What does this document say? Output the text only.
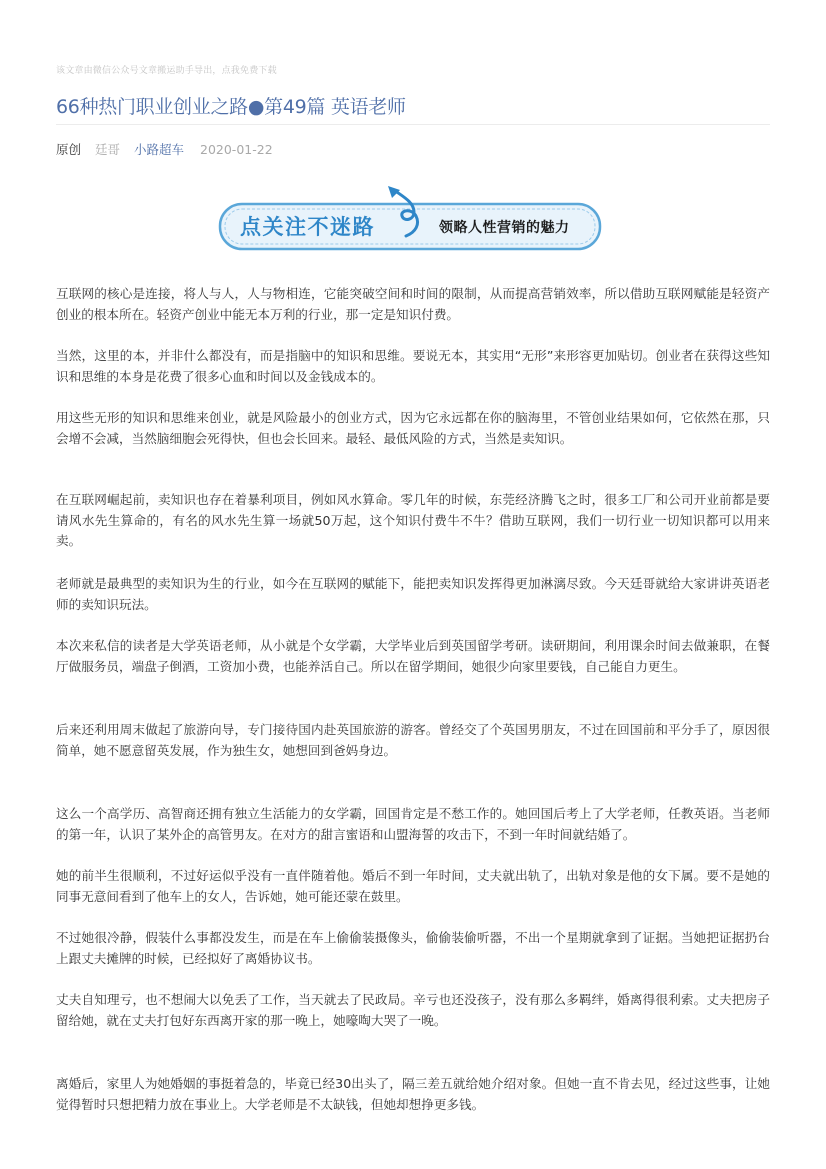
该文章由微信公众号文章搬运助手导出，点我免费下载
66种热门职业创业之路●第49篇 英语老师
原创 廷哥 小路超车 2020-01-22
点关注不迷路	领略人性营销的魅力

互联网的核心是连接，将人与人，人与物相连，它能突破空间和时间的限制，从而提高营销效率，所以借助互联网赋能是轻资产创业的根本所在。轻资产创业中能无本万利的行业，那一定是知识付费。

当然，这里的本，并非什么都没有，而是指脑中的知识和思维。要说无本，其实用“无形”来形容更加贴切。创业者在获得这些知识和思维的本身是花费了很多心血和时间以及金钱成本的。

用这些无形的知识和思维来创业，就是风险最小的创业方式，因为它永远都在你的脑海里，不管创业结果如何，它依然在那，只会增不会减，当然脑细胞会死得快，但也会长回来。最轻、最低风险的方式，当然是卖知识。

在互联网崛起前，卖知识也存在着暴利项目，例如风水算命。零几年的时候，东莞经济腾飞之时，很多工厂和公司开业前都是要请风水先生算命的，有名的风水先生算一场就50万起，这个知识付费牛不牛？借助互联网，我们一切行业一切知识都可以用来卖。

老师就是最典型的卖知识为生的行业，如今在互联网的赋能下，能把卖知识发挥得更加淋漓尽致。今天廷哥就给大家讲讲英语老师的卖知识玩法。

本次来私信的读者是大学英语老师，从小就是个女学霸，大学毕业后到英国留学考研。读研期间，利用课余时间去做兼职，在餐厅做服务员，端盘子倒酒，工资加小费，也能养活自己。所以在留学期间，她很少向家里要钱，自己能自力更生。

后来还利用周末做起了旅游向导，专门接待国内赴英国旅游的游客。曾经交了个英国男朋友，不过在回国前和平分手了，原因很简单，她不愿意留英发展，作为独生女，她想回到爸妈身边。

这么一个高学历、高智商还拥有独立生活能力的女学霸，回国肯定是不愁工作的。她回国后考上了大学老师，任教英语。当老师的第一年，认识了某外企的高管男友。在对方的甜言蜜语和山盟海誓的攻击下，不到一年时间就结婚了。

她的前半生很顺利，不过好运似乎没有一直伴随着他。婚后不到一年时间，丈夫就出轨了，出轨对象是他的女下属。要不是她的同事无意间看到了他车上的女人，告诉她，她可能还蒙在鼓里。

不过她很冷静，假装什么事都没发生，而是在车上偷偷装摄像头，偷偷装偷听器，不出一个星期就拿到了证据。当她把证据扔台上跟丈夫摊牌的时候，已经拟好了离婚协议书。

丈夫自知理亏，也不想闹大以免丢了工作，当天就去了民政局。辛亏也还没孩子，没有那么多羁绊，婚离得很利索。丈夫把房子留给她，就在丈夫打包好东西离开家的那一晚上，她嚎啕大哭了一晚。

离婚后，家里人为她婚姻的事挺着急的，毕竟已经30出头了，隔三差五就给她介绍对象。但她一直不肯去见，经过这些事，让她觉得暂时只想把精力放在事业上。大学老师是不太缺钱，但她却想挣更多钱。
